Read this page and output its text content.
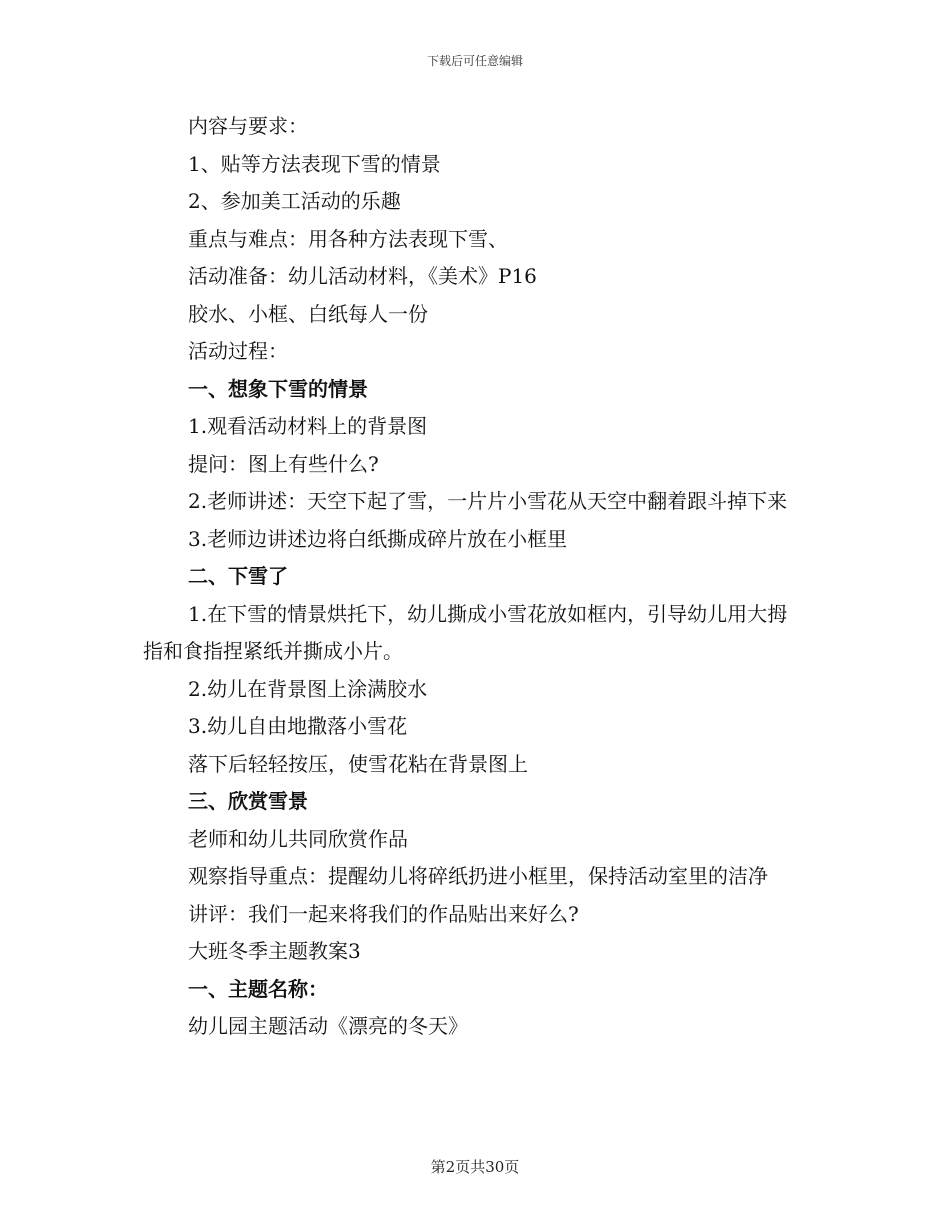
下载后可任意编辑

内容与要求：

1、贴等方法表现下雪的情景

2、参加美工活动的乐趣

重点与难点：用各种方法表现下雪、

活动准备：幼儿活动材料，《美术》P16

胶水、小框、白纸每人一份

活动过程：

一、想象下雪的情景

1.观看活动材料上的背景图

提问：图上有些什么?

2.老师讲述：天空下起了雪，一片片小雪花从天空中翻着跟斗掉下来

3.老师边讲述边将白纸撕成碎片放在小框里

二、下雪了

1.在下雪的情景烘托下，幼儿撕成小雪花放如框内，引导幼儿用大拇指和食指捏紧纸并撕成小片。

2.幼儿在背景图上涂满胶水

3.幼儿自由地撒落小雪花

落下后轻轻按压，使雪花粘在背景图上

三、欣赏雪景

老师和幼儿共同欣赏作品

观察指导重点：提醒幼儿将碎纸扔进小框里，保持活动室里的洁净

讲评：我们一起来将我们的作品贴出来好么?

大班冬季主题教案3

一、主题名称：

幼儿园主题活动《漂亮的冬天》

第2页共30页
